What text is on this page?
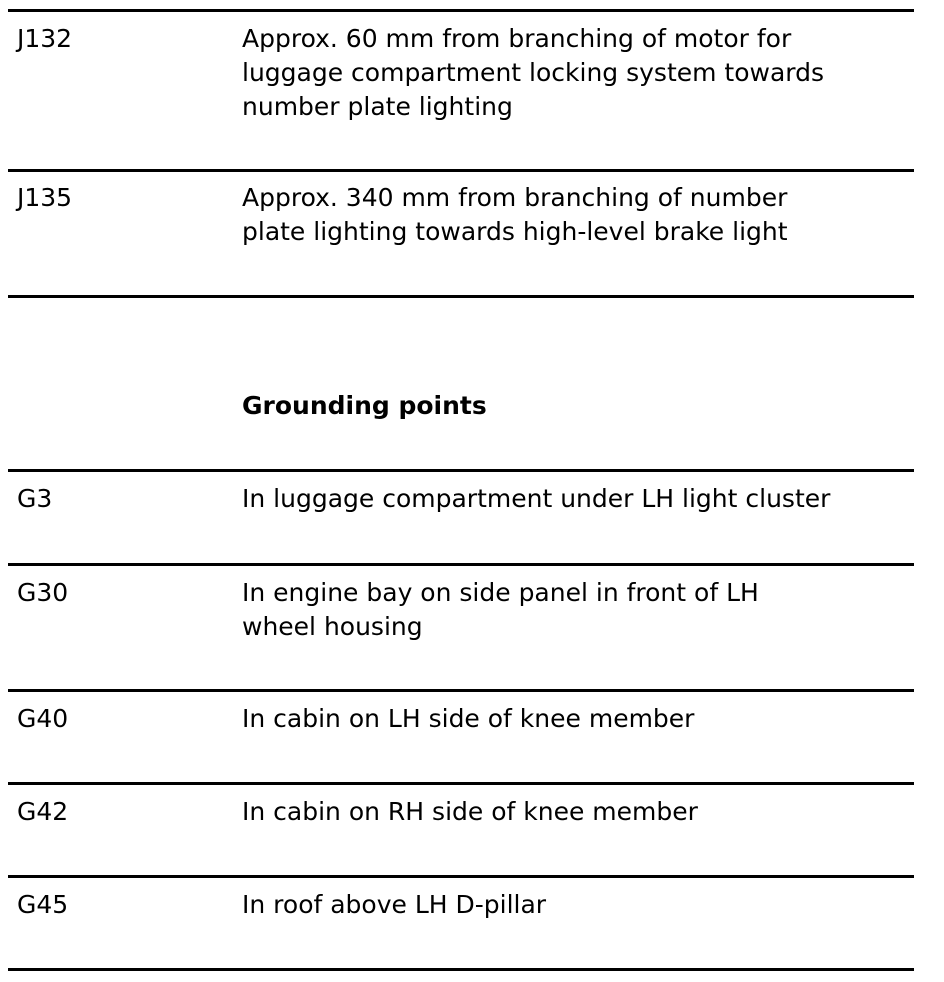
J132	Approx. 60 mm from branching of motor for
luggage compartment locking system towards
number plate lighting
J135	Approx. 340 mm from branching of number
plate lighting towards high-level brake light
Grounding points
G3	In luggage compartment under LH light cluster
G30	In engine bay on side panel in front of LH
wheel housing
G40	In cabin on LH side of knee member
G42	In cabin on RH side of knee member
G45	In roof above LH D-pillar
